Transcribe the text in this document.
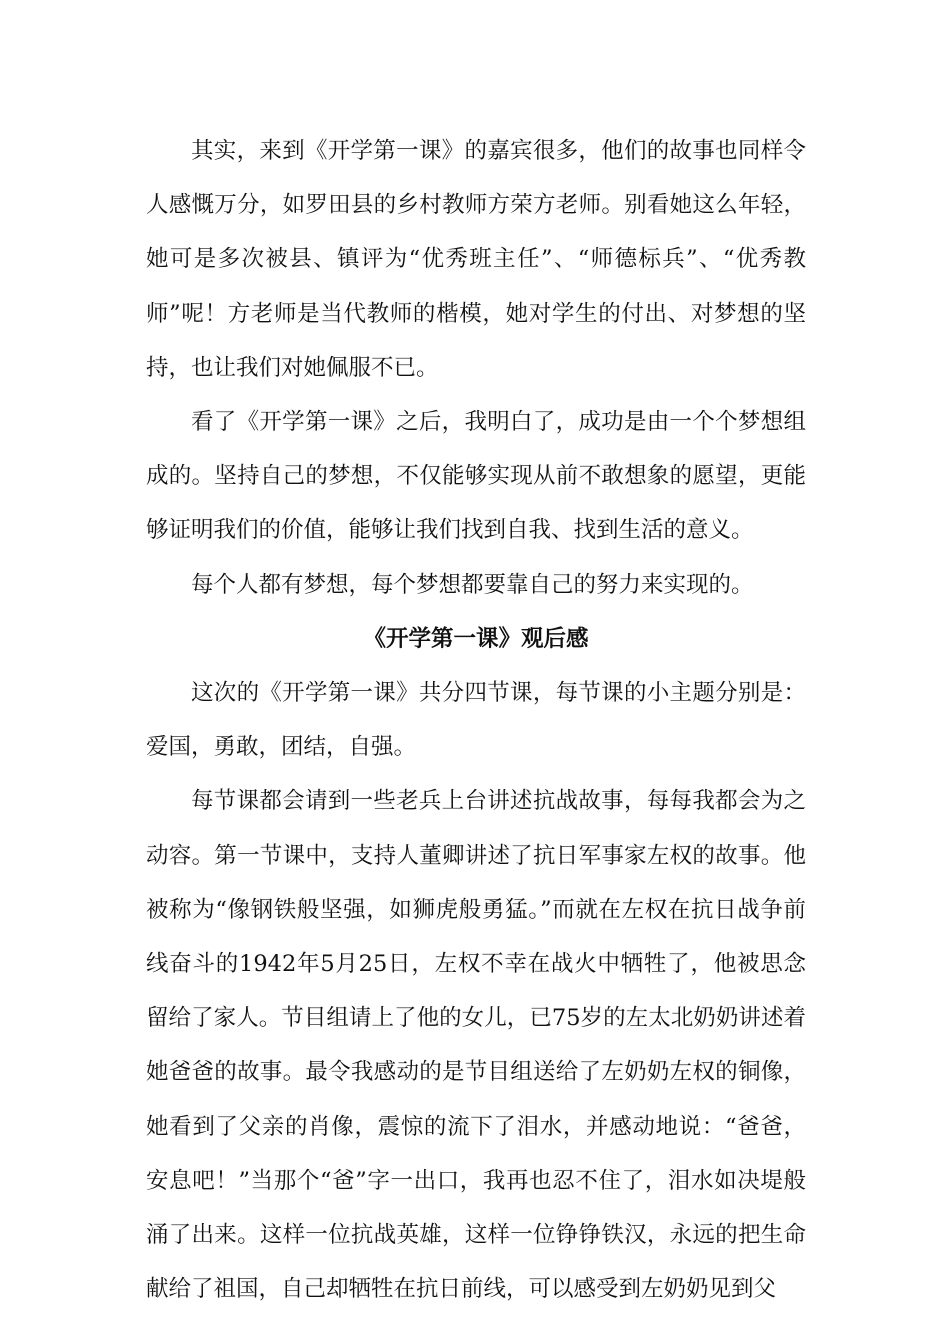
其实，来到《开学第一课》的嘉宾很多，他们的故事也同样令人感慨万分，如罗田县的乡村教师方荣方老师。别看她这么年轻，她可是多次被县、镇评为“优秀班主任”、“师德标兵”、“优秀教师”呢！方老师是当代教师的楷模，她对学生的付出、对梦想的坚持，也让我们对她佩服不已。

看了《开学第一课》之后，我明白了，成功是由一个个梦想组成的。坚持自己的梦想，不仅能够实现从前不敢想象的愿望，更能够证明我们的价值，能够让我们找到自我、找到生活的意义。

每个人都有梦想，每个梦想都要靠自己的努力来实现的。

《开学第一课》观后感

这次的《开学第一课》共分四节课，每节课的小主题分别是：爱国，勇敢，团结，自强。

每节课都会请到一些老兵上台讲述抗战故事，每每我都会为之动容。第一节课中，支持人董卿讲述了抗日军事家左权的故事。他被称为“像钢铁般坚强，如狮虎般勇猛。”而就在左权在抗日战争前线奋斗的1942年5月25日，左权不幸在战火中牺牲了，他被思念留给了家人。节目组请上了他的女儿，已75岁的左太北奶奶讲述着她爸爸的故事。最令我感动的是节目组送给了左奶奶左权的铜像，她看到了父亲的肖像，震惊的流下了泪水，并感动地说：“爸爸，安息吧！”当那个“爸”字一出口，我再也忍不住了，泪水如决堤般涌了出来。这样一位抗战英雄，这样一位铮铮铁汉，永远的把生命献给了祖国，自己却牺牲在抗日前线，可以感受到左奶奶见到父
